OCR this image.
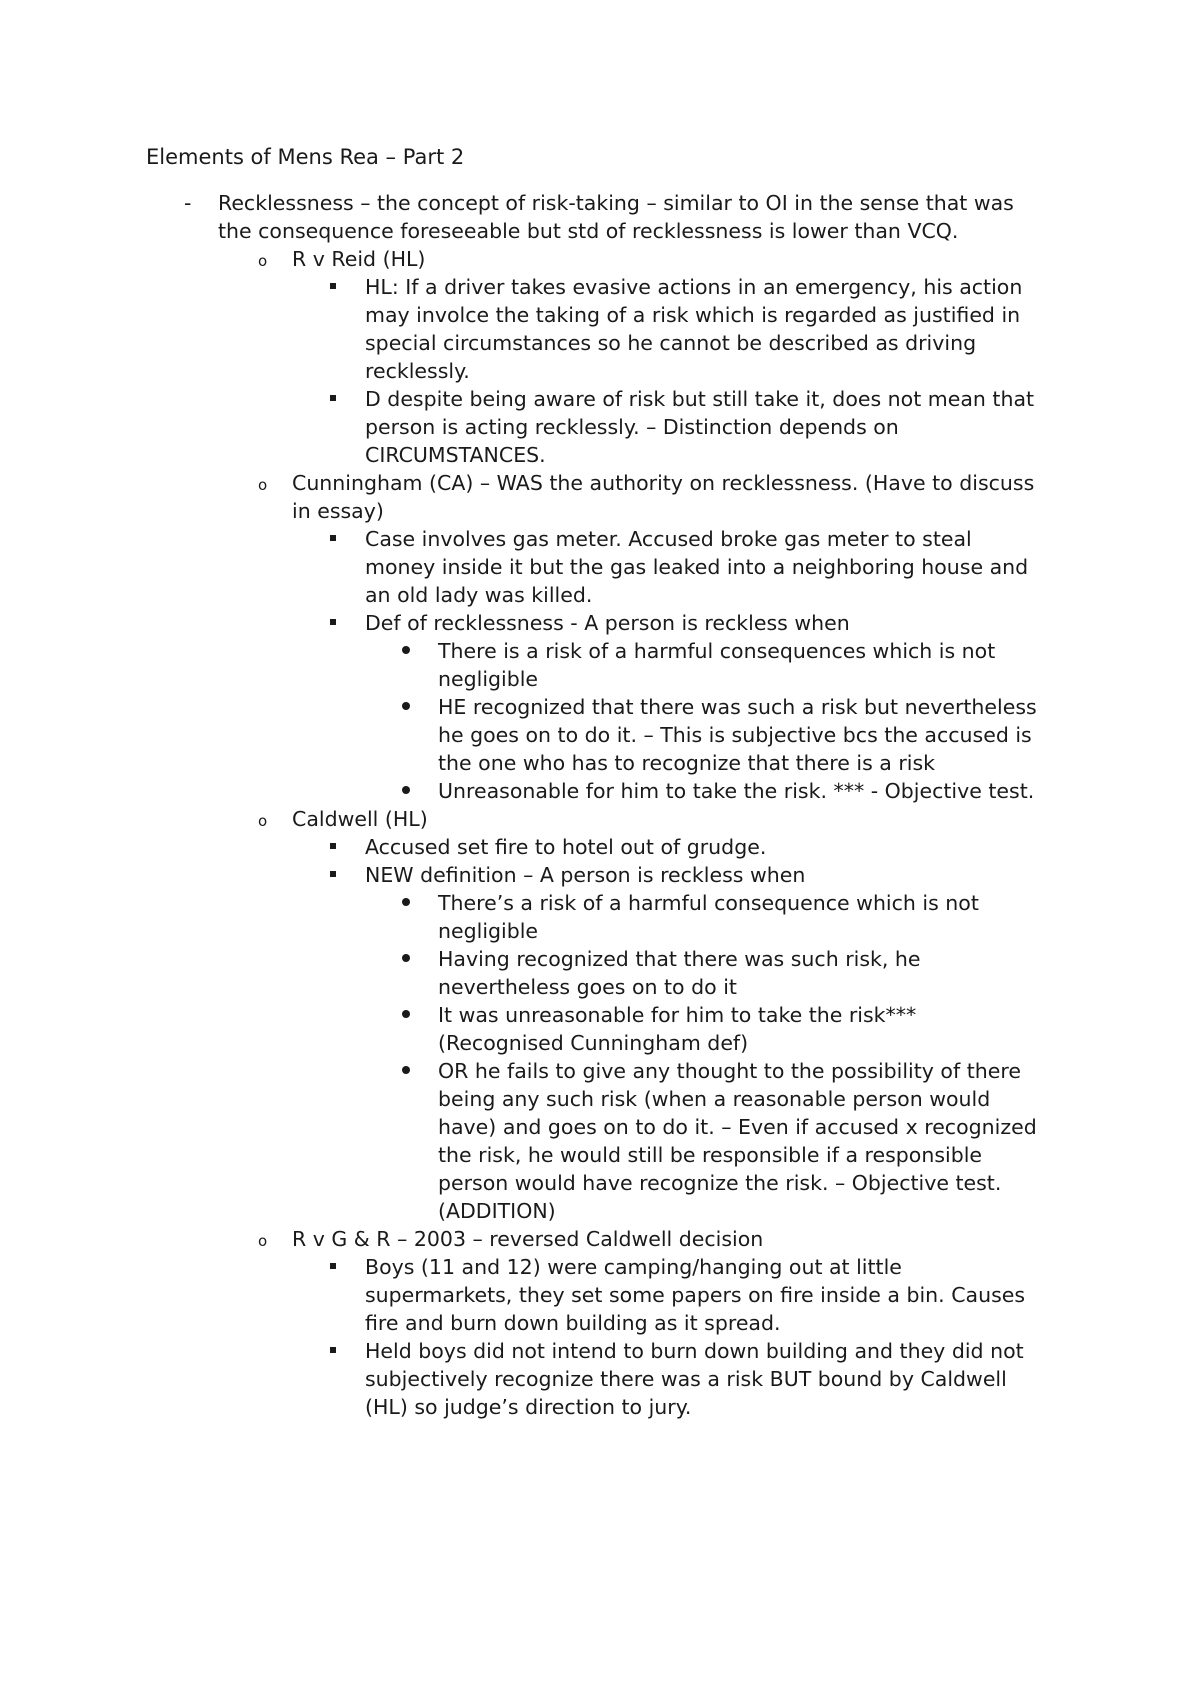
Elements of Mens Rea – Part 2
- Recklessness – the concept of risk-taking – similar to OI in the sense that was the consequence foreseeable but std of recklessness is lower than VCQ.
o R v Reid (HL)
HL: If a driver takes evasive actions in an emergency, his action may involce the taking of a risk which is regarded as justified in special circumstances so he cannot be described as driving recklessly.
D despite being aware of risk but still take it, does not mean that person is acting recklessly. – Distinction depends on CIRCUMSTANCES.
o Cunningham (CA) – WAS the authority on recklessness. (Have to discuss in essay)
Case involves gas meter. Accused broke gas meter to steal money inside it but the gas leaked into a neighboring house and an old lady was killed.
Def of recklessness - A person is reckless when
There is a risk of a harmful consequences which is not negligible
HE recognized that there was such a risk but nevertheless he goes on to do it. – This is subjective bcs the accused is the one who has to recognize that there is a risk
Unreasonable for him to take the risk. *** - Objective test.
o Caldwell (HL)
Accused set fire to hotel out of grudge.
NEW definition – A person is reckless when
There’s a risk of a harmful consequence which is not negligible
Having recognized that there was such risk, he nevertheless goes on to do it
It was unreasonable for him to take the risk*** (Recognised Cunningham def)
OR he fails to give any thought to the possibility of there being any such risk (when a reasonable person would have) and goes on to do it. – Even if accused x recognized the risk, he would still be responsible if a responsible person would have recognize the risk. – Objective test. (ADDITION)
o R v G & R – 2003 – reversed Caldwell decision
Boys (11 and 12) were camping/hanging out at little supermarkets, they set some papers on fire inside a bin. Causes fire and burn down building as it spread.
Held boys did not intend to burn down building and they did not subjectively recognize there was a risk BUT bound by Caldwell (HL) so judge’s direction to jury.
